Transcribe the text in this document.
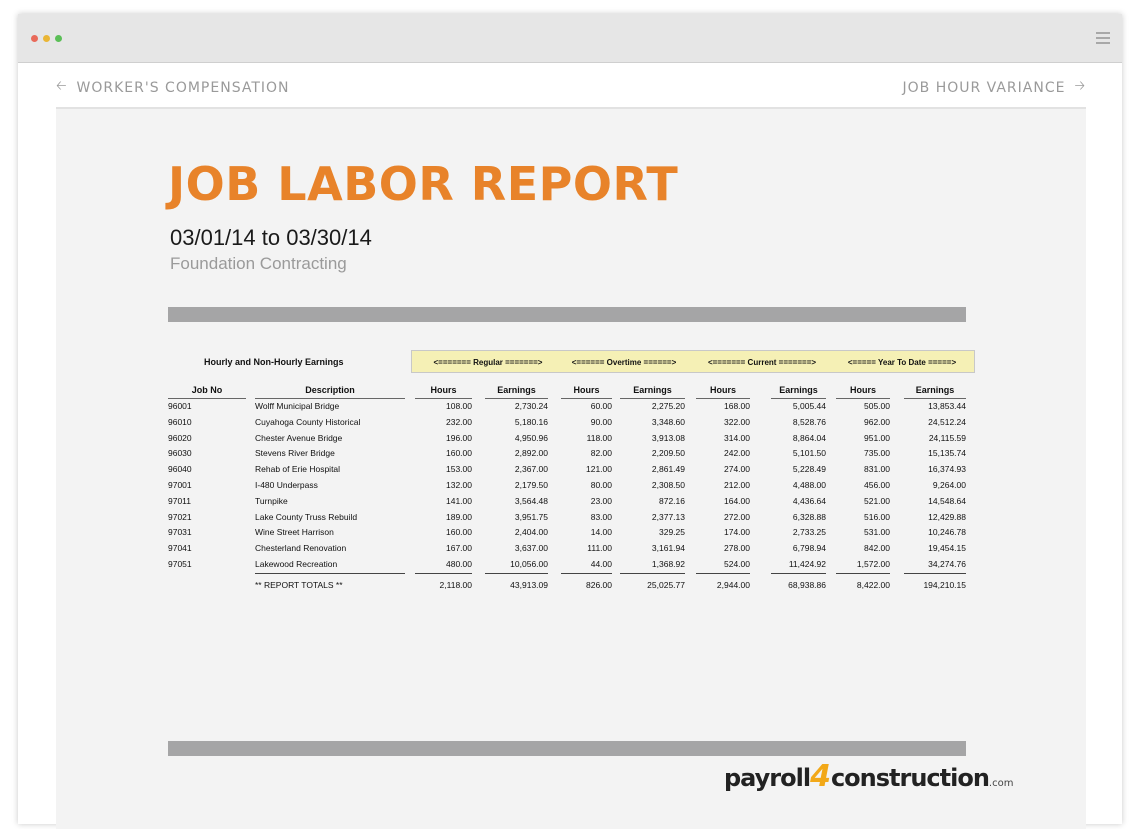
🡠 WORKER'S COMPENSATION	JOB HOUR VARIANCE 🡢
JOB LABOR REPORT
03/01/14 to 03/30/14
Foundation Contracting
Hourly and Non-Hourly Earnings	<======= Regular =======>	<====== Overtime ======>	<======= Current =======>	<===== Year To Date =====>
Job No	Description	Hours	Earnings	Hours	Earnings	Hours	Earnings	Hours	Earnings
96001	Wolff Municipal Bridge	108.00	2,730.24	60.00	2,275.20	168.00	5,005.44	505.00	13,853.44
96010	Cuyahoga County Historical	232.00	5,180.16	90.00	3,348.60	322.00	8,528.76	962.00	24,512.24
96020	Chester Avenue Bridge	196.00	4,950.96	118.00	3,913.08	314.00	8,864.04	951.00	24,115.59
96030	Stevens River Bridge	160.00	2,892.00	82.00	2,209.50	242.00	5,101.50	735.00	15,135.74
96040	Rehab of Erie Hospital	153.00	2,367.00	121.00	2,861.49	274.00	5,228.49	831.00	16,374.93
97001	I-480 Underpass	132.00	2,179.50	80.00	2,308.50	212.00	4,488.00	456.00	9,264.00
97011	Turnpike	141.00	3,564.48	23.00	872.16	164.00	4,436.64	521.00	14,548.64
97021	Lake County Truss Rebuild	189.00	3,951.75	83.00	2,377.13	272.00	6,328.88	516.00	12,429.88
97031	Wine Street Harrison	160.00	2,404.00	14.00	329.25	174.00	2,733.25	531.00	10,246.78
97041	Chesterland Renovation	167.00	3,637.00	111.00	3,161.94	278.00	6,798.94	842.00	19,454.15
97051	Lakewood Recreation	480.00	10,056.00	44.00	1,368.92	524.00	11,424.92	1,572.00	34,274.76
** REPORT TOTALS **	2,118.00	43,913.09	826.00	25,025.77	2,944.00	68,938.86	8,422.00	194,210.15
payroll4construction.com
